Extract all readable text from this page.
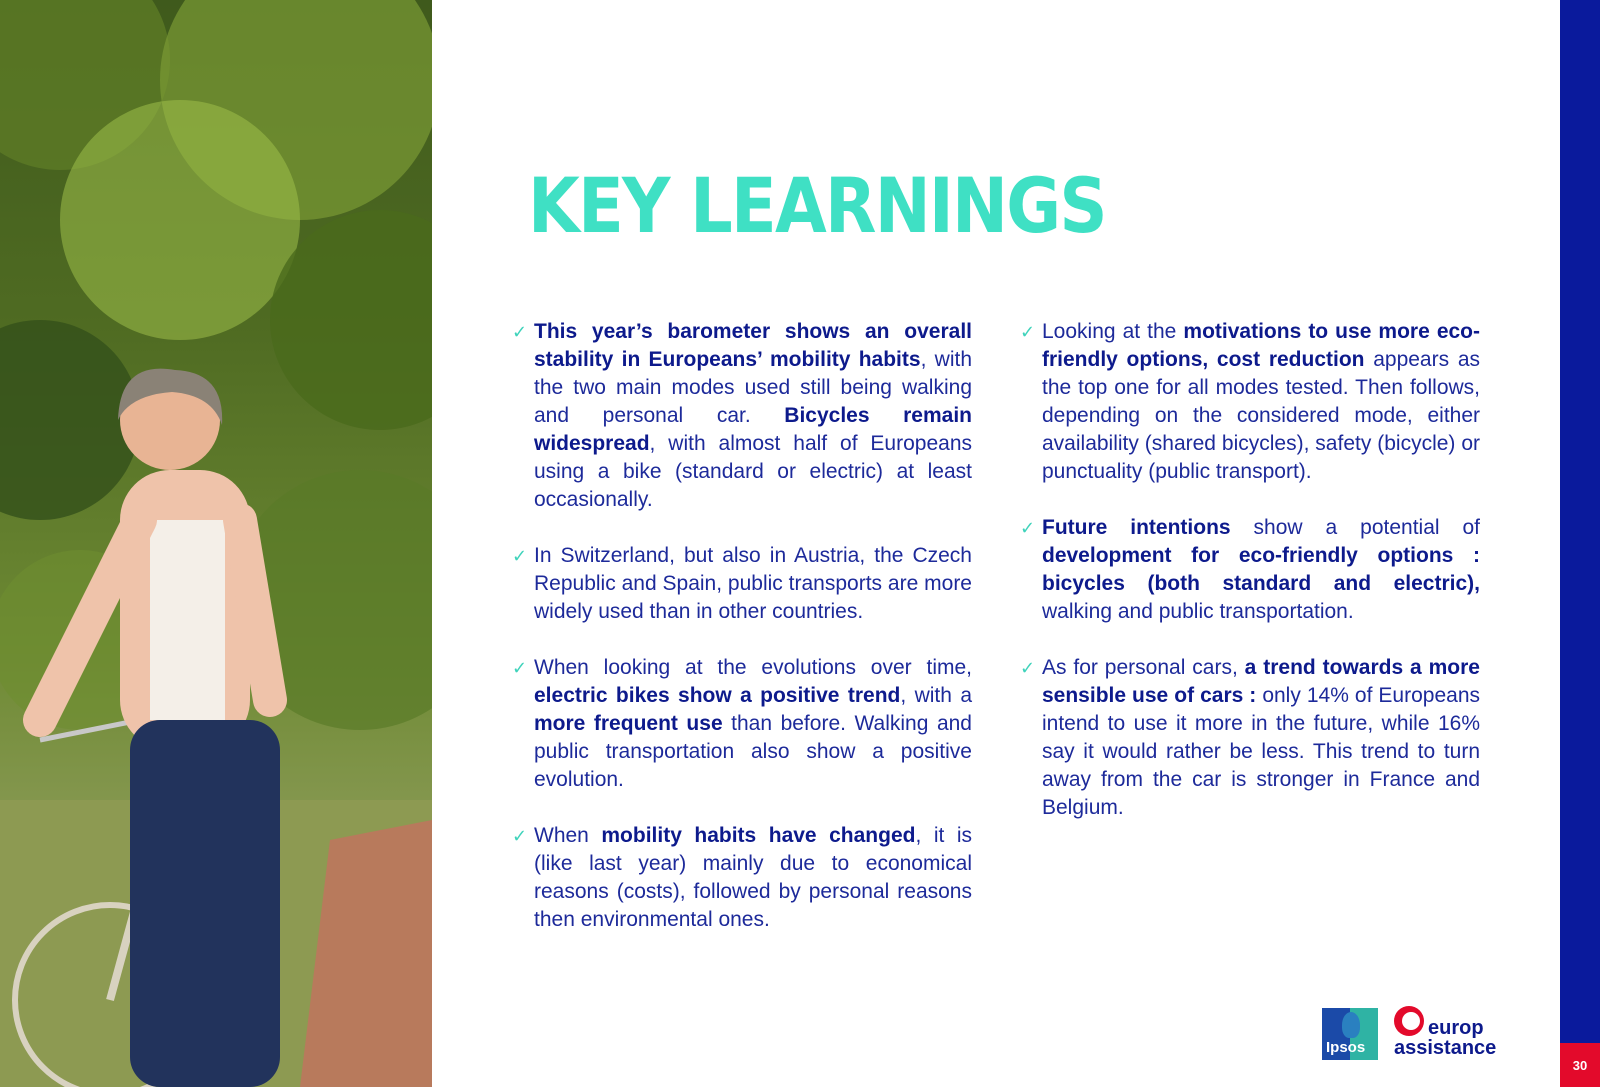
KEY LEARNINGS
✓ This year’s barometer shows an overall stability in Europeans’ mobility habits, with the two main modes used still being walking and personal car. Bicycles remain widespread, with almost half of Europeans using a bike (standard or electric) at least occasionally.
✓ In Switzerland, but also in Austria, the Czech Republic and Spain, public transports are more widely used than in other countries.
✓ When looking at the evolutions over time, electric bikes show a positive trend, with a more frequent use than before. Walking and public transportation also show a positive evolution.
✓ When mobility habits have changed, it is (like last year) mainly due to economical reasons (costs), followed by personal reasons then environmental ones.
✓ Looking at the motivations to use more eco-friendly options, cost reduction appears as the top one for all modes tested. Then follows, depending on the considered mode, either availability (shared bicycles), safety (bicycle) or punctuality (public transport).
✓ Future intentions show a potential of development for eco-friendly options : bicycles (both standard and electric), walking and public transportation.
✓ As for personal cars, a trend towards a more sensible use of cars : only 14% of Europeans intend to use it more in the future, while 16% say it would rather be less. This trend to turn away from the car is stronger in France and Belgium.
Ipsos
europ
assistance
30
